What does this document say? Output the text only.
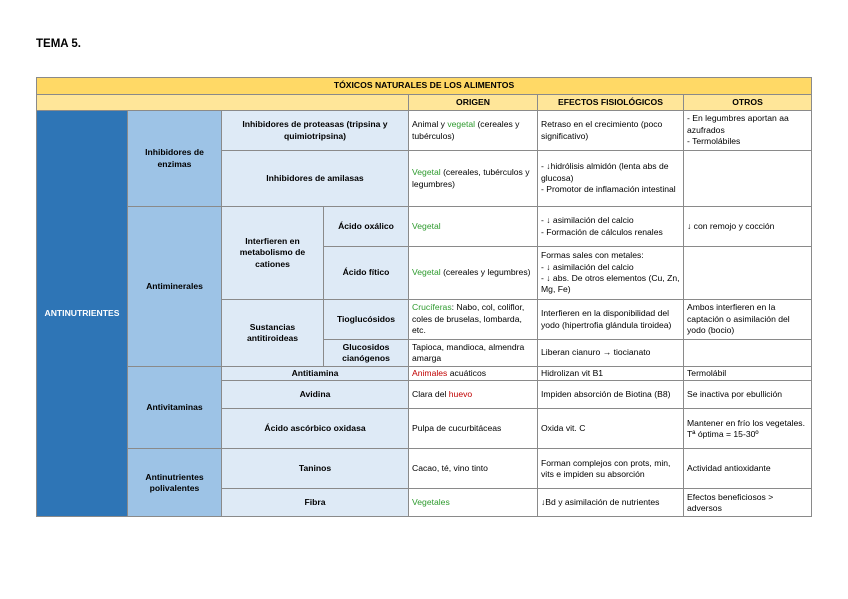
TEMA 5.
TÓXICOS NATURALES DE LOS ALIMENTOS						
				ORIGEN	EFECTOS FISIOLÓGICOS	OTROS
ANTINUTRIENTES	Inhibidores de enzimas	Inhibidores de proteasas (tripsina y quimiotripsina)		Animal y vegetal (cereales y tubérculos)	Retraso en el crecimiento (poco significativo)	- En legumbres aportan aa azufrados
- Termolábiles

		Inhibidores de amilasas		Vegetal (cereales, tubérculos y legumbres)	- ↓hidrólisis almidón (lenta abs de glucosa)
- Promotor de inflamación intestinal	

	Antiminerales	Interfieren en metabolismo de cationes	Ácido oxálico	Vegetal	- ↓ asimilación del calcio
- Formación de cálculos renales	↓ con remojo y cocción
			Ácido fítico	Vegetal (cereales y legumbres)	Formas sales con metales:
- ↓ asimilación del calcio
- ↓ abs. De otros elementos (Cu, Zn, Mg, Fe)	

		Sustancias antitiroideas	Tioglucósidos	Crucíferas: Nabo, col, coliflor, coles de bruselas, lombarda, etc.	Interfieren en la disponibilidad del yodo (hipertrofia glándula tiroidea)	Ambos interfieren en la captación o asimilación del yodo (bocio)
			Glucosidos cianógenos	Tapioca, mandioca, almendra amarga	Liberan cianuro → tiocianato	
	Antivitaminas	Antitiamina		Animales acuáticos	Hidrolizan vit B1	Termolábil
		Avidina		Clara del huevo	Impiden absorción de Biotina (B8)	Se inactiva por ebullición
		Ácido ascórbico oxidasa		Pulpa de cucurbitáceas	Oxida vit. C	Mantener en frío los vegetales. Tª óptima = 15-30º
	Antinutrientes polivalentes	Taninos		Cacao, té, vino tinto	Forman complejos con prots, min, vits e impiden su absorción	Actividad antioxidante
		Fibra		Vegetales	↓Bd y asimilación de nutrientes	Efectos beneficiosos > adversos
